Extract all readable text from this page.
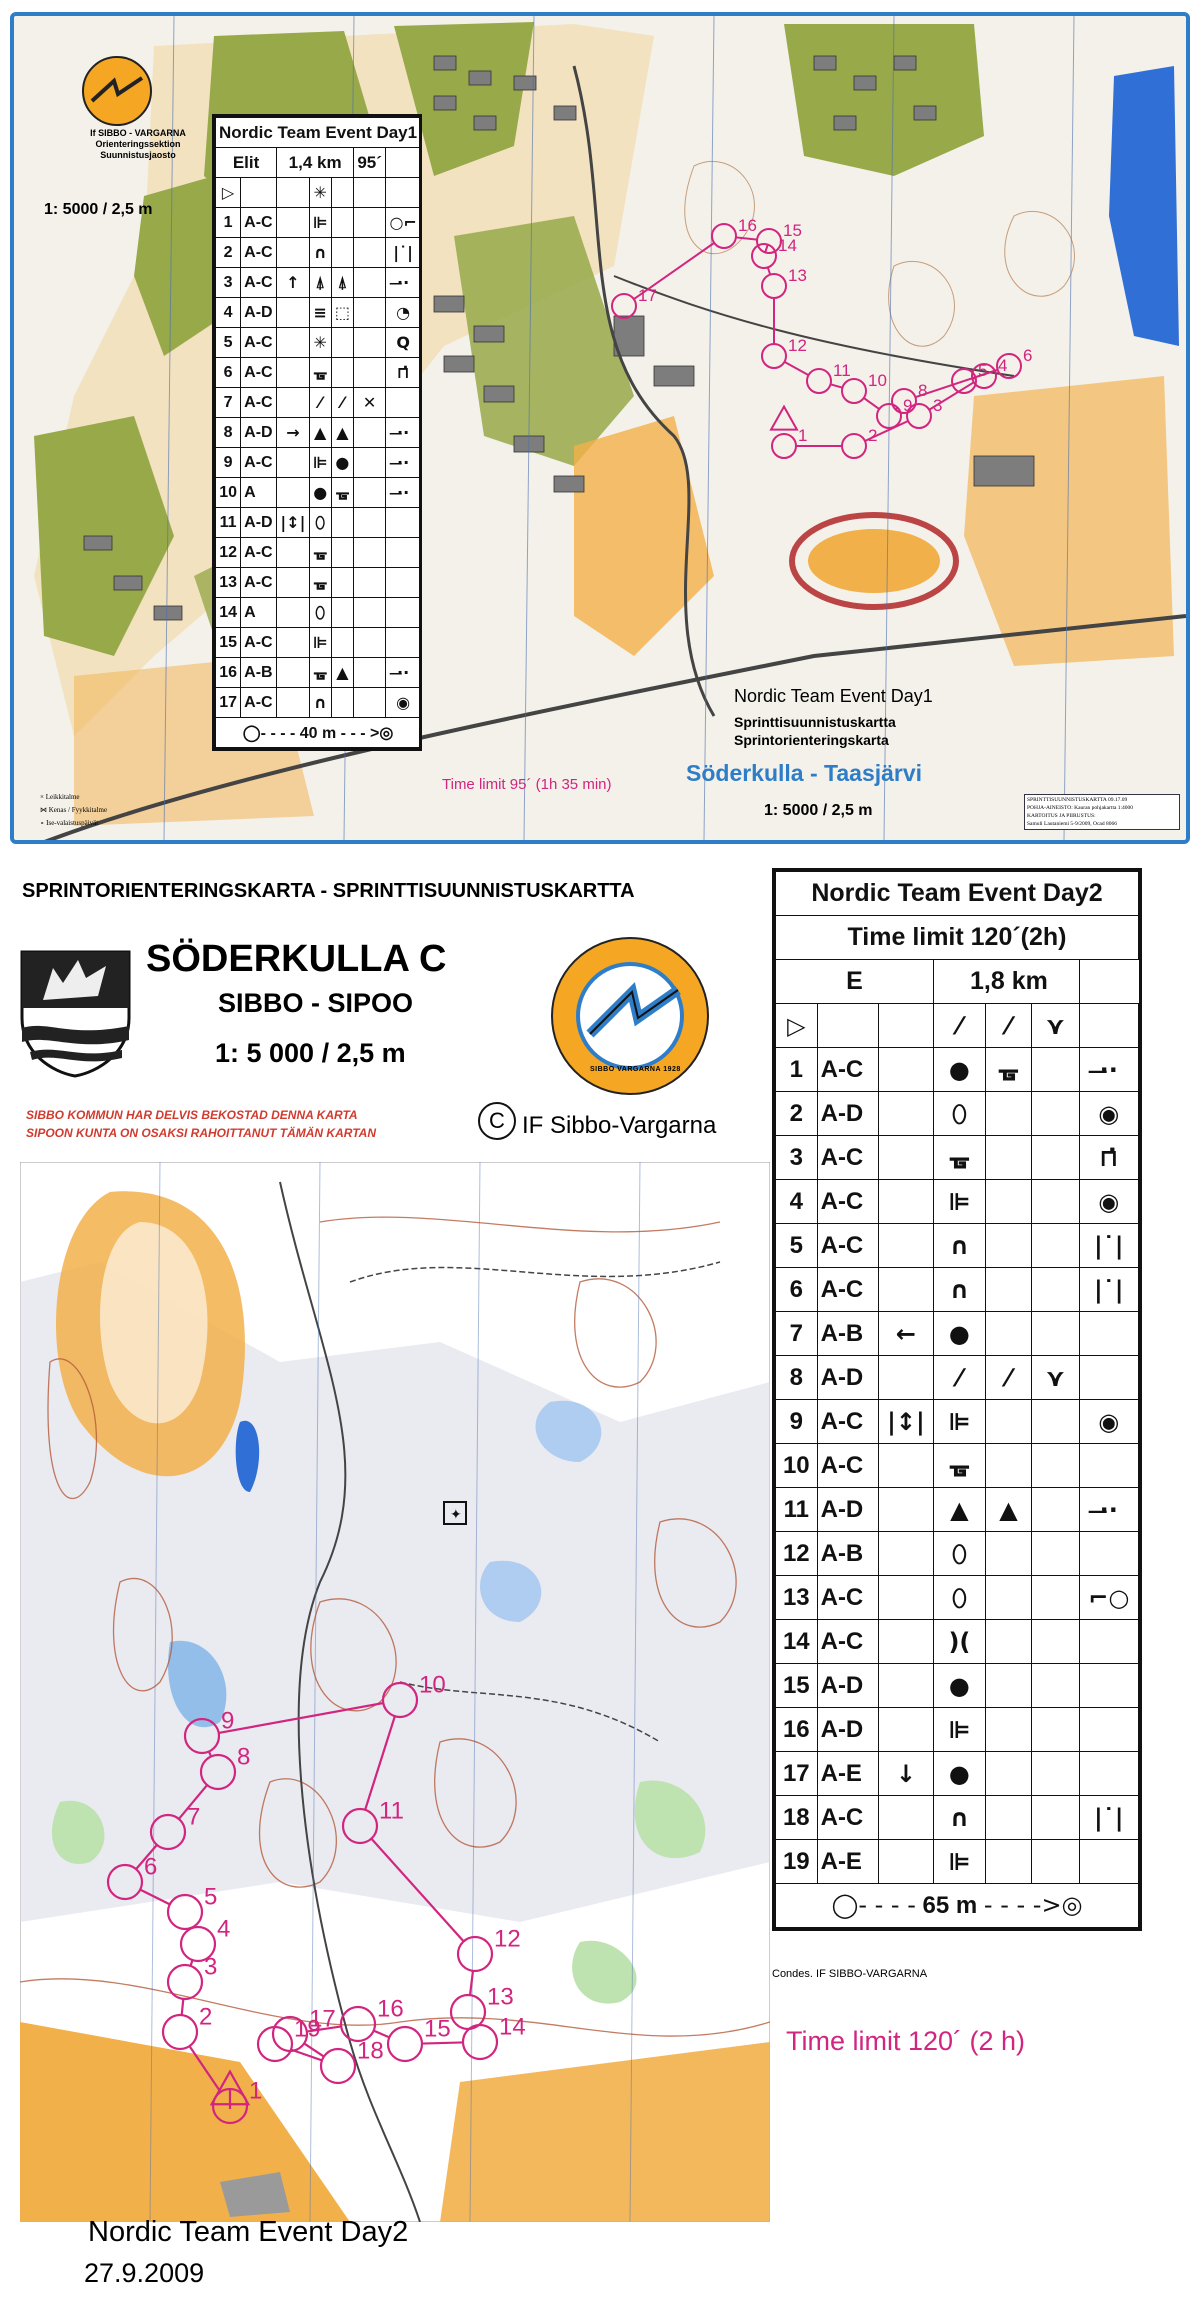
1	2
3
4
5
6
8
9
10
11
12
13
14
15
16
17
If SIBBO - VARGARNA
Orienteringssektion
Suunnistusjaosto
1: 5000 / 2,5 m
× Leikkitalme
⋈ Kenas / Fyykkitalme
∘ Ise-valaistuspäivät
Nordic Team Event Day1						
Elit		1,4 km			95´	
▷			✳			
1	A-C		⊫			○⌐
2	A-C		∩			|˙|
3	A-C	↑	⍋	⍋		·̶·
4	A-D		≡	⬚		◔
5	A-C		✳			Q
6	A-C		ᚗ			⊓̇
7	A-C		⁄	⁄	✕	
8	A-D	→	▲	▲		·̶·
9	A-C		⊫	●		·̶·
10	A		●	ᚗ		·̶·
11	A-D	|↕|	⬯			
12	A-C		ᚗ			
13	A-C		ᚗ			
14	A		⬯			
15	A-C		⊫			
16	A-B		ᚗ	▲		·̶·
17	A-C		∩			◉
◯- - - - 40 m - - - >◎						
Nordic Team Event Day1
Sprinttisuunnistuskartta
Sprintorienteringskarta
Söderkulla - Taasjärvi
1: 5000 / 2,5 m
Time limit 95´ (1h 35 min)
SPRINTTISUUNNISTUSKARTTA 09.17.09
POHJA-AINEISTO: Kauran pohjakartta 1:4000
KARTOITUS JA PIIRUSTUS:
Samuli Lautaniemi 5-9/2009, Ocad 8066
SPRINTORIENTERINGSKARTA - SPRINTTISUUNNISTUSKARTTA
SÖDERKULLA C
SIBBO - SIPOO
1: 5 000 / 2,5 m
SIBBO KOMMUN HAR DELVIS BEKOSTAD DENNA KARTA
SIPOON KUNTA ON OSAKSI RAHOITTANUT TÄMÄN KARTAN
SIBBO VARGARNA 1928
C IF Sibbo-Vargarna
1
2
3
4
5
6
7
8
9
10
11
12
13
14
15
16
17
18
19
✦
Nordic Team Event Day2						
Time limit 120´(2h)						
E			1,8 km			
▷			⁄	⁄	⋎	
1	A-C		●	ᚗ		·̶·
2	A-D		⬯			◉
3	A-C		ᚗ			⊓̇
4	A-C		⊫			◉
5	A-C		∩			|˙|
6	A-C		∩			|˙|
7	A-B	←	●			
8	A-D		⁄	⁄	⋎	
9	A-C	|↕|	⊫			◉
10	A-C		ᚗ			
11	A-D		▲	▲		·̶·
12	A-B		⬯			
13	A-C		⬯			⌐○
14	A-C		)(			
15	A-D		●			
16	A-D		⊫			
17	A-E	↓	●			
18	A-C		∩			|˙|
19	A-E		⊫			
◯- - - - 65 m - - - ->◎						
Condes. IF SIBBO-VARGARNA
Time limit 120´ (2 h)
Nordic Team Event Day2
27.9.2009
